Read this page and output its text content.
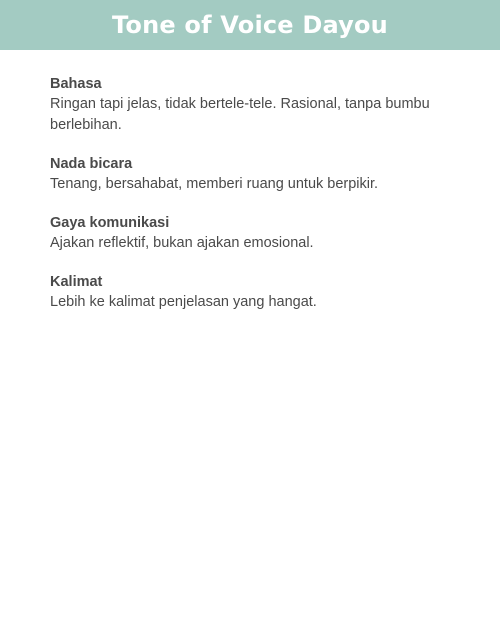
Tone of Voice Dayou
Bahasa
Ringan tapi jelas, tidak bertele-tele. Rasional, tanpa bumbu berlebihan.
Nada bicara
Tenang, bersahabat, memberi ruang untuk berpikir.
Gaya komunikasi
Ajakan reflektif, bukan ajakan emosional.
Kalimat
Lebih ke kalimat penjelasan yang hangat.
